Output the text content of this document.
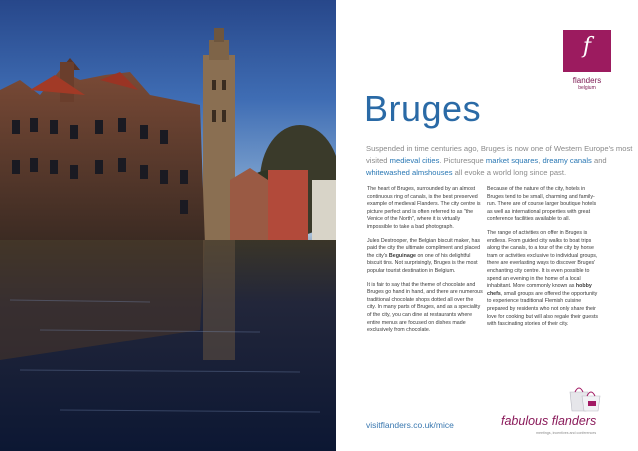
f
flanders
belgium
Bruges
Suspended in time centuries ago, Bruges is now one of Western Europe's most visited medieval cities. Picturesque market squares, dreamy canals and whitewashed almshouses all evoke a world long since past.

The heart of Bruges, surrounded by an almost continuous ring of canals, is the best preserved example of medieval Flanders. The city centre is picture perfect and is often referred to as "the Venice of the North", where it is virtually impossible to take a bad photograph.

Jules Destrooper, the Belgian biscuit maker, has paid the city the ultimate compliment and placed the city's Beguinage on one of his delightful biscuit tins. Not surprisingly, Bruges is the most popular tourist destination in Belgium.

It is fair to say that the theme of chocolate and Bruges go hand in hand, and there are numerous traditional chocolate shops dotted all over the city. In many parts of Bruges, and as a speciality of the city, you can dine at restaurants where entire menus are focused on dishes made exclusively from chocolate.

Because of the nature of the city, hotels in Bruges tend to be small, charming and family-run. There are of course larger boutique hotels as well as international properties with great conference facilities available to all.

The range of activities on offer in Bruges is endless. From guided city walks to boat trips along the canals, to a tour of the city by horse tram or activities exclusive to individual groups, there are everlasting ways to discover Bruges' enchanting city centre. It is even possible to spend an evening in the home of a local inhabitant. More commonly known as hobby chefs, small groups are offered the opportunity to experience traditional Flemish cuisine prepared by residents who not only share their love for cooking but will also regale their guests with fascinating stories of their city.

visitflanders.co.uk/mice	fabulous flanders
meetings, incentives and conferences
